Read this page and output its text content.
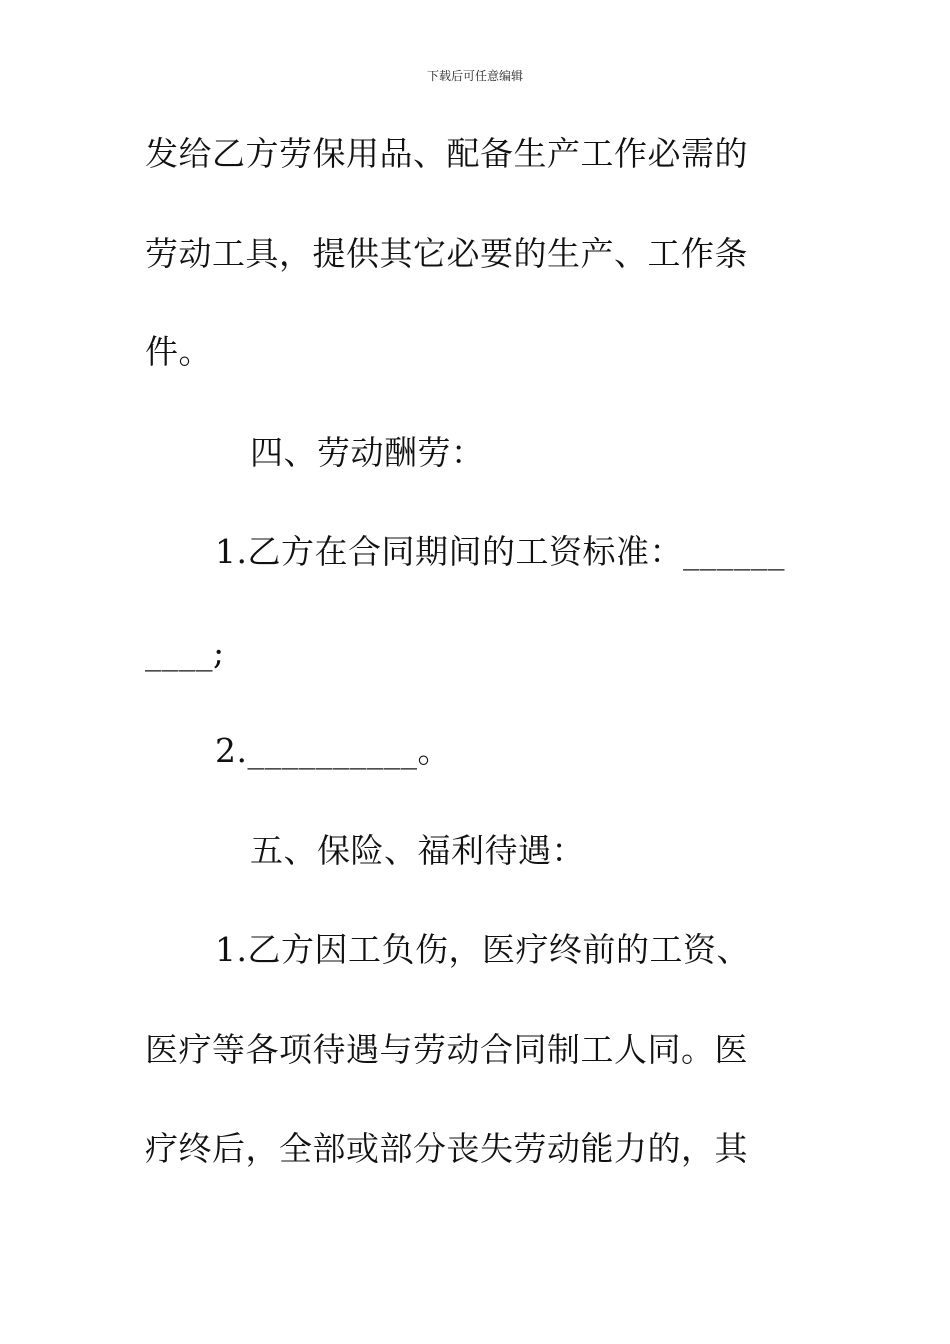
下载后可任意编辑
发给乙方劳保用品、配备生产工作必需的
劳动工具，提供其它必要的生产、工作条
件。
四、劳动酬劳：
1.乙方在合同期间的工资标准：______
____;
2.__________。
五、保险、福利待遇：
1.乙方因工负伤，医疗终前的工资、
医疗等各项待遇与劳动合同制工人同。医
疗终后，全部或部分丧失劳动能力的，其
